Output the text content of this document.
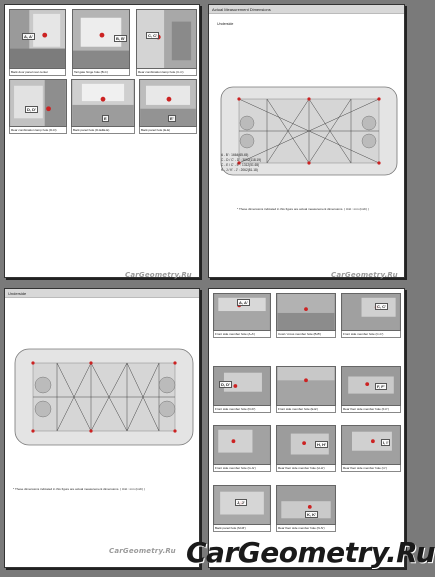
A, A'
Back door panel rear center
B, B'
Tail gate hinge hole (B-C)
C, C'
Rear combination lamp hole (C-C)
D, D'
Rear combination lamp hole (D-D)
E
Back panel hole (D-E&E-E)
E'
Back panel hole (E-E)
CarGeometry.Ru
Actual Measurement Dimensions
Underside
A - B' : 1664(65.45)
C - D / C' - D' : 3002(118.19)
C - E / C' - E' : 1312(51.65)
K - J / K' - J' : 2062(81.18)
* These dimensions indicated in this figure are actual measurement dimensions. ( Unit : mm (inch) )
CarGeometry.Ru
Underside
* These dimensions indicated in this figure are actual measurement dimensions. ( Unit : mm (inch) )
CarGeometry.Ru
A, A'
Front side member hole (A-A')	Cowl / cross member hole (B-B')
C, C'
Front side member hole (C-C')
D, D'
Front side member hole (D-D')	Front side member hole (E-E')
F, F'
Rear floor side member hole (F-F')
Front side member hole (G-G')
H, H'
Rear floor side member hole (H-H')
I, I'
Rear floor side member hole (I-I')
Back panel hole (M-M')
J, J'
K, K'
Rear floor side member hole (N-N')
CarGeometry.Ru
